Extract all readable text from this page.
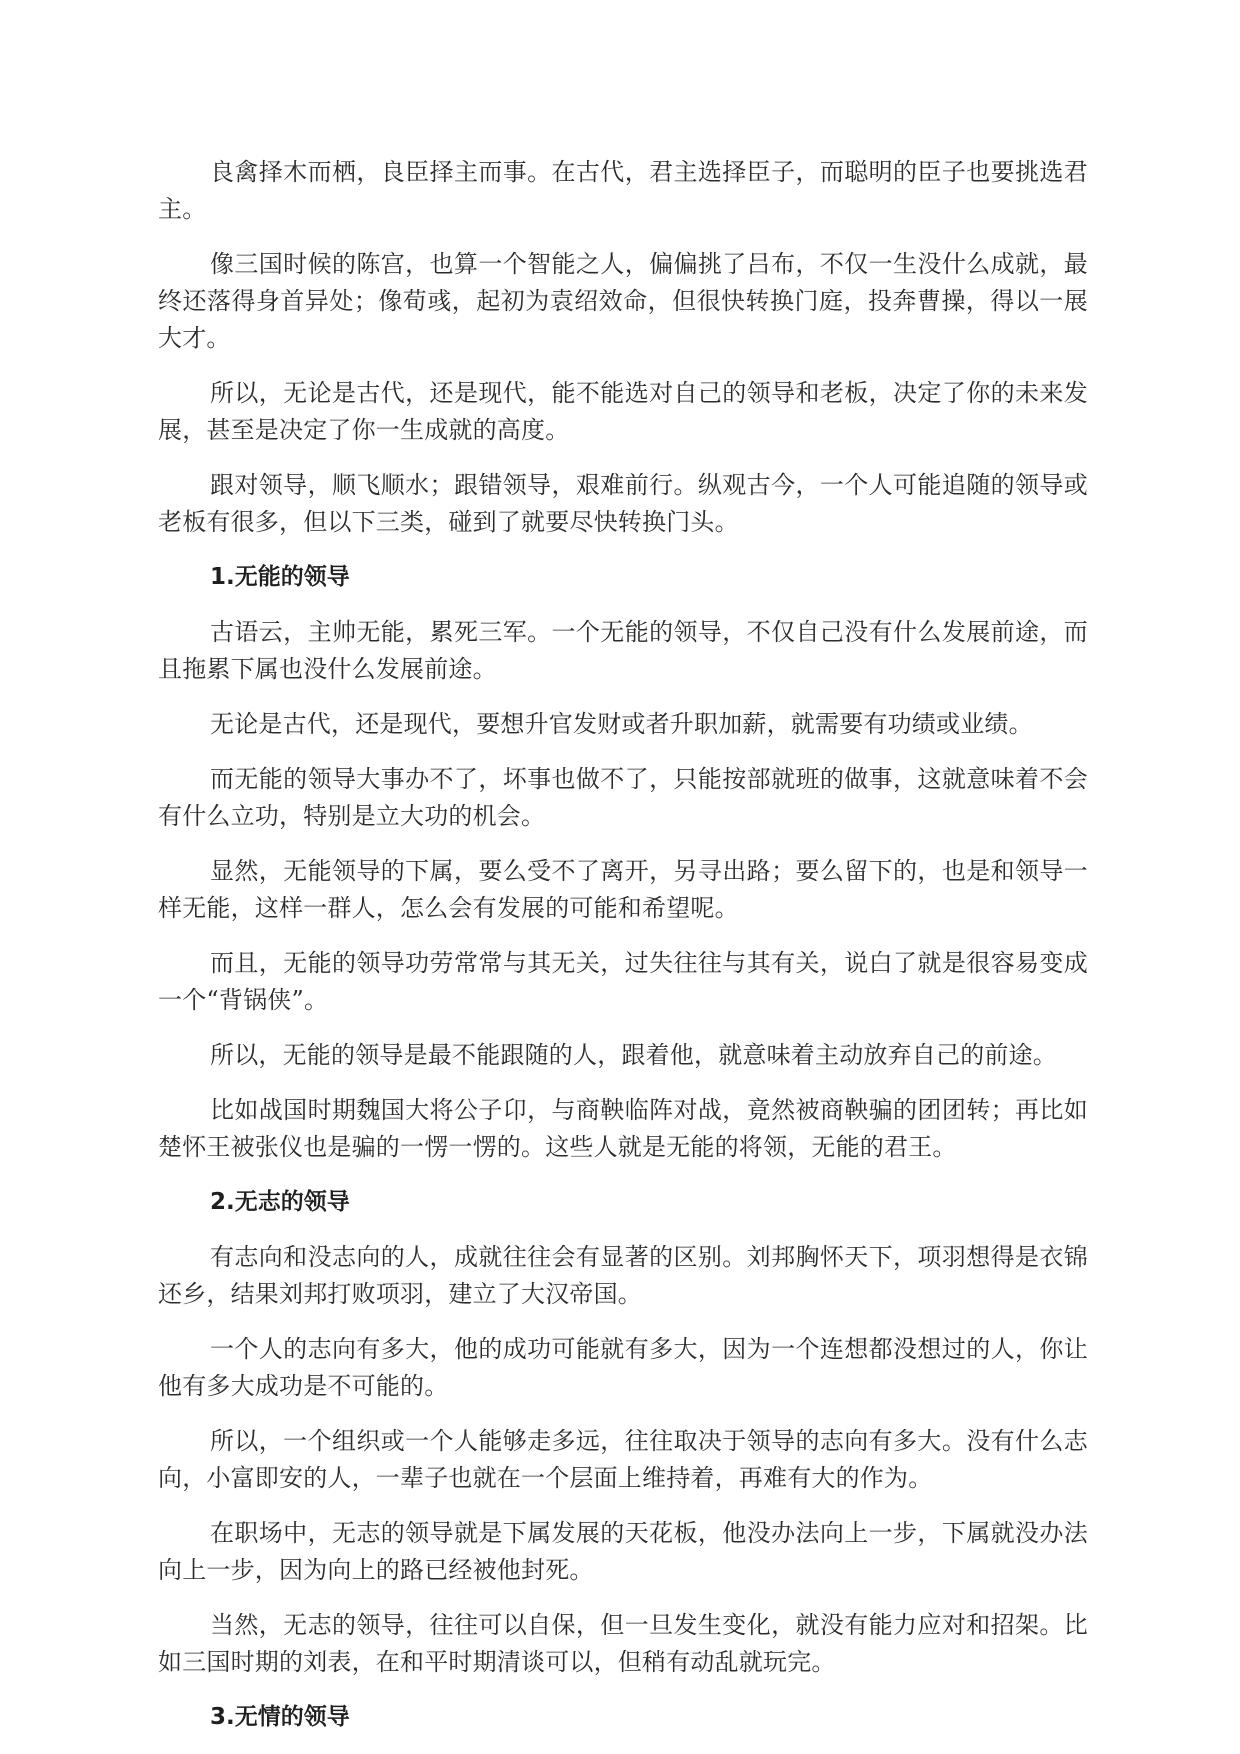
良禽择木而栖，良臣择主而事。在古代，君主选择臣子，而聪明的臣子也要挑选君主。

像三国时候的陈宫，也算一个智能之人，偏偏挑了吕布，不仅一生没什么成就，最终还落得身首异处；像荀彧，起初为袁绍效命，但很快转换门庭，投奔曹操，得以一展大才。

所以，无论是古代，还是现代，能不能选对自己的领导和老板，决定了你的未来发展，甚至是决定了你一生成就的高度。

跟对领导，顺飞顺水；跟错领导，艰难前行。纵观古今，一个人可能追随的领导或老板有很多，但以下三类，碰到了就要尽快转换门头。

1.无能的领导

古语云，主帅无能，累死三军。一个无能的领导，不仅自己没有什么发展前途，而且拖累下属也没什么发展前途。

无论是古代，还是现代，要想升官发财或者升职加薪，就需要有功绩或业绩。

而无能的领导大事办不了，坏事也做不了，只能按部就班的做事，这就意味着不会有什么立功，特别是立大功的机会。

显然，无能领导的下属，要么受不了离开，另寻出路；要么留下的，也是和领导一样无能，这样一群人，怎么会有发展的可能和希望呢。

而且，无能的领导功劳常常与其无关，过失往往与其有关，说白了就是很容易变成一个“背锅侠”。

所以，无能的领导是最不能跟随的人，跟着他，就意味着主动放弃自己的前途。

比如战国时期魏国大将公子卬，与商鞅临阵对战，竟然被商鞅骗的团团转；再比如楚怀王被张仪也是骗的一愣一愣的。这些人就是无能的将领，无能的君王。

2.无志的领导

有志向和没志向的人，成就往往会有显著的区别。刘邦胸怀天下，项羽想得是衣锦还乡，结果刘邦打败项羽，建立了大汉帝国。

一个人的志向有多大，他的成功可能就有多大，因为一个连想都没想过的人，你让他有多大成功是不可能的。

所以，一个组织或一个人能够走多远，往往取决于领导的志向有多大。没有什么志向，小富即安的人，一辈子也就在一个层面上维持着，再难有大的作为。

在职场中，无志的领导就是下属发展的天花板，他没办法向上一步，下属就没办法向上一步，因为向上的路已经被他封死。

当然，无志的领导，往往可以自保，但一旦发生变化，就没有能力应对和招架。比如三国时期的刘表，在和平时期清谈可以，但稍有动乱就玩完。

3.无情的领导
